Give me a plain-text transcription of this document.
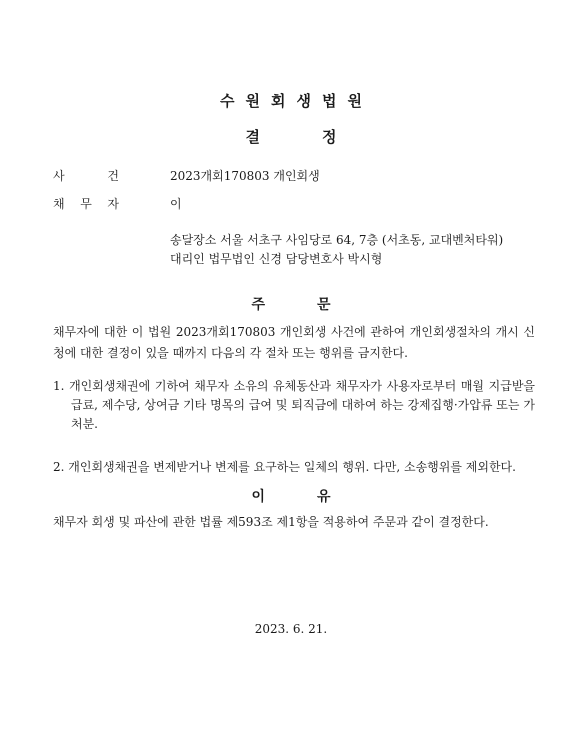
수원회생법원
결	정
사	건	2023개회170803 개인회생
채 무 자	이
송달장소 서울 서초구 사임당로 64, 7층 (서초동, 교대벤처타워)
대리인 법무법인 신경 담당변호사 박시형
주	문
채무자에 대한 이 법원 2023개회170803 개인회생 사건에 관하여 개인회생절차의 개시 신청에 대한 결정이 있을 때까지 다음의 각 절차 또는 행위를 금지한다.
1. 개인회생채권에 기하여 채무자 소유의 유체동산과 채무자가 사용자로부터 매월 지급받을 급료, 제수당, 상여금 기타 명목의 급여 및 퇴직금에 대하여 하는 강제집행·가압류 또는 가처분.
2. 개인회생채권을 변제받거나 변제를 요구하는 일체의 행위. 다만, 소송행위를 제외한다.
이	유
채무자 회생 및 파산에 관한 법률 제593조 제1항을 적용하여 주문과 같이 결정한다.
2023. 6. 21.
